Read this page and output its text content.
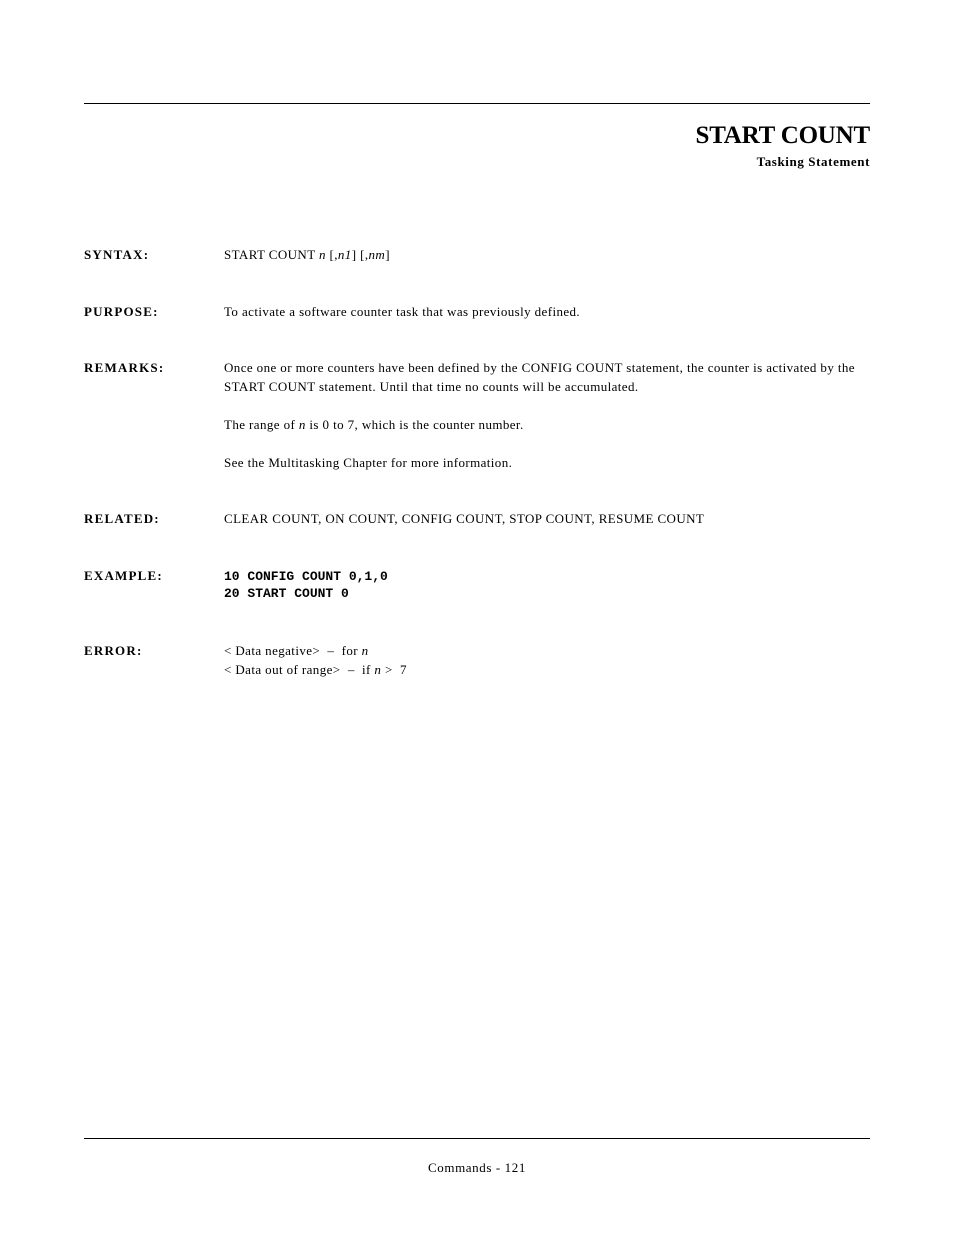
START COUNT
Tasking Statement
SYNTAX:	START COUNT n [,n1] [,nm]
PURPOSE:	To activate a software counter task that was previously defined.
REMARKS:	Once one or more counters have been defined by the CONFIG COUNT statement, the counter is activated by the START COUNT statement. Until that time no counts will be accumulated.

The range of n is 0 to 7, which is the counter number.

See the Multitasking Chapter for more information.

RELATED:	CLEAR COUNT, ON COUNT, CONFIG COUNT, STOP COUNT, RESUME COUNT
EXAMPLE:	10 CONFIG COUNT 0,1,0
20 START COUNT 0
ERROR:	< Data negative>  –  for n
< Data out of range>  –  if n >  7
Commands - 121
